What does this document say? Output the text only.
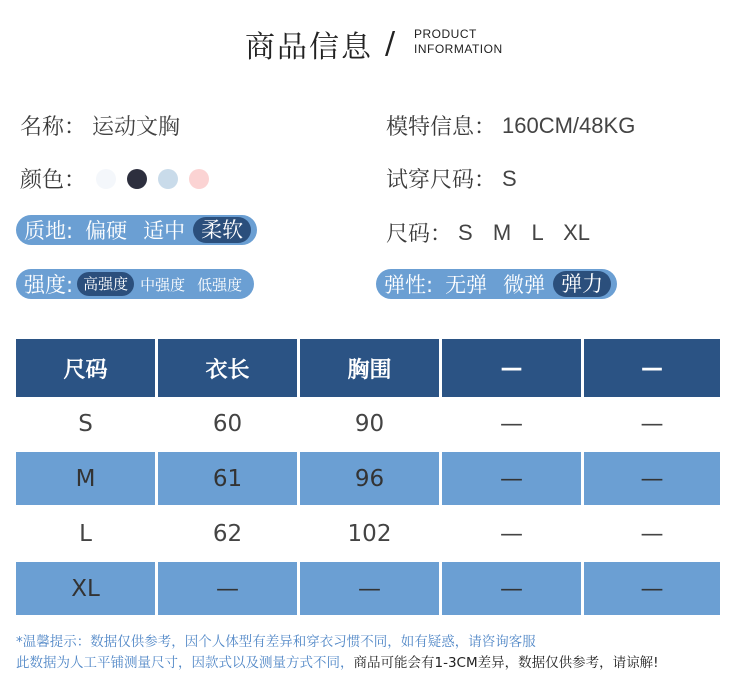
商品信息 / PRODUCT
INFORMATION
名称： 运动文胸	模特信息： 160CM/48KG
颜色：	试穿尺码： S
尺码： S  M  L  XL
质地: 偏硬 适中 柔软
强度: 高强度 中强度 低强度	弹性: 无弹 微弹 弹力
尺码	衣长	胸围	—	—
S	60	90	—	—
M	61	96	—	—
L	62	102	—	—
XL	—	—	—	—
*温馨提示：数据仅供参考，因个人体型有差异和穿衣习惯不同，如有疑惑，请咨询客服
此数据为人工平铺测量尺寸，因款式以及测量方式不同，商品可能会有1-3CM差异，数据仅供参考，请谅解!
